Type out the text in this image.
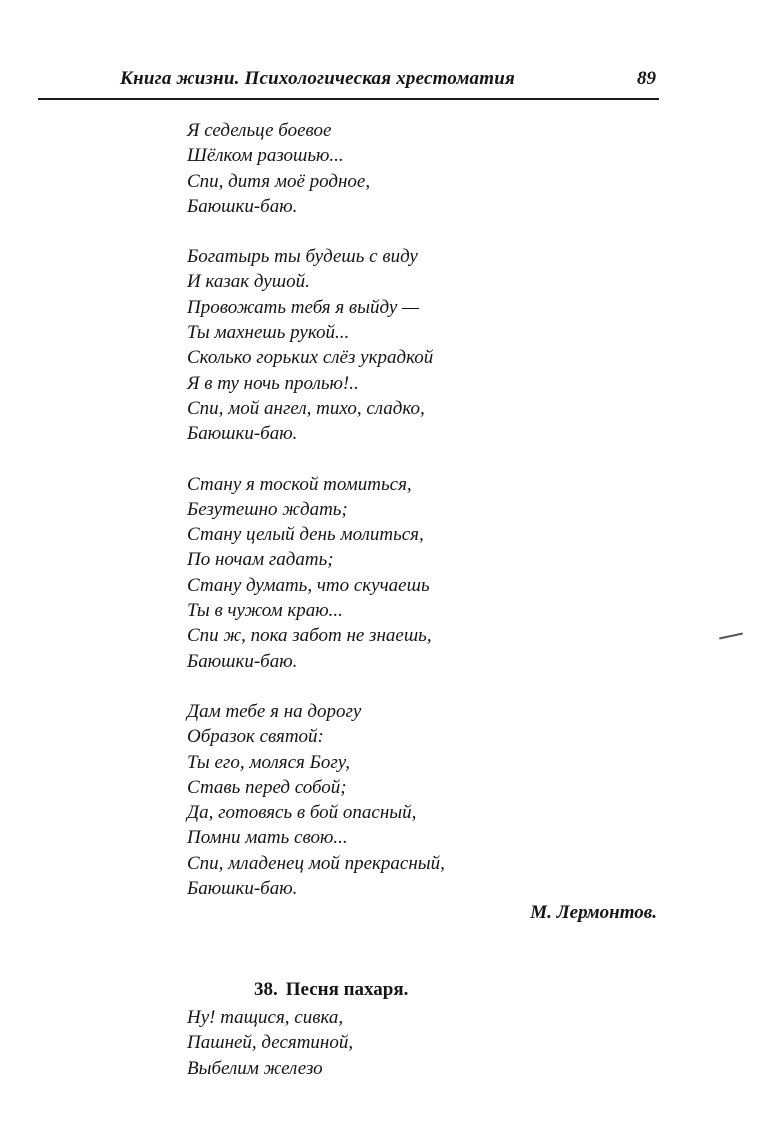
Книга жизни. Психологическая хрестоматия	89
Я седельце боевое
Шёлком разошью...
Спи, дитя моё родное,
Баюшки-баю.
Богатырь ты будешь с виду
И казак душой.
Провожать тебя я выйду —
Ты махнешь рукой...
Сколько горьких слёз украдкой
Я в ту ночь пролью!..
Спи, мой ангел, тихо, сладко,
Баюшки-баю.
Стану я тоской томиться,
Безутешно ждать;
Стану целый день молиться,
По ночам гадать;
Стану думать, что скучаешь
Ты в чужом краю...
Спи ж, пока забот не знаешь,
Баюшки-баю.
Дам тебе я на дорогу
Образок святой:
Ты его, моляся Богу,
Ставь перед собой;
Да, готовясь в бой опасный,
Помни мать свою...
Спи, младенец мой прекрасный,
Баюшки-баю.
М. Лермонтов.
38. Песня пахаря.
Ну! тащися, сивка,
Пашней, десятиной,
Выбелим железо
